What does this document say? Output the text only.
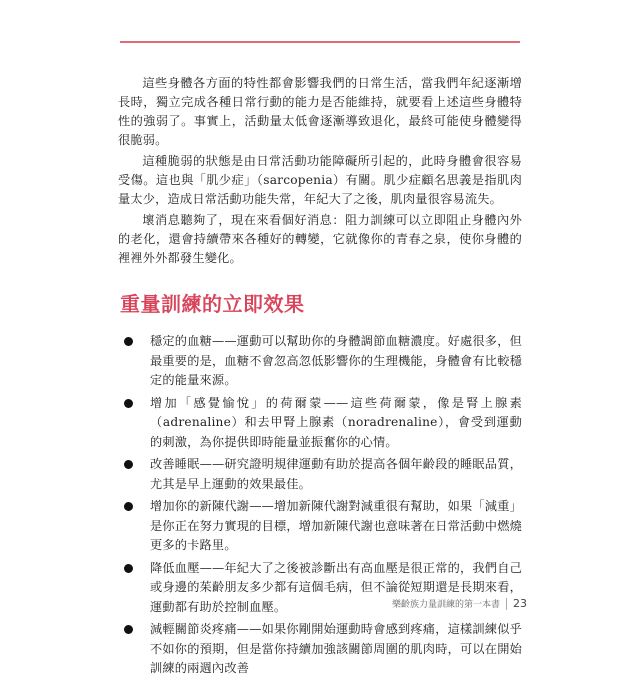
這些身體各方面的特性都會影響我們的日常生活，當我們年紀逐漸增長時，獨立完成各種日常行動的能力是否能維持，就要看上述這些身體特性的強弱了。事實上，活動量太低會逐漸導致退化，最終可能使身體變得很脆弱。

這種脆弱的狀態是由日常活動功能障礙所引起的，此時身體會很容易受傷。這也與「肌少症」（sarcopenia）有關。肌少症顧名思義是指肌肉量太少，造成日常活動功能失常，年紀大了之後，肌肉量很容易流失。

壞消息聽夠了，現在來看個好消息：阻力訓練可以立即阻止身體內外的老化，還會持續帶來各種好的轉變，它就像你的青春之泉，使你身體的裡裡外外都發生變化。

重量訓練的立即效果
穩定的血糖——運動可以幫助你的身體調節血糖濃度。好處很多，但最重要的是，血糖不會忽高忽低影響你的生理機能，身體會有比較穩定的能量來源。
增加「感覺愉悅」的荷爾蒙——這些荷爾蒙，像是腎上腺素（adrenaline）和去甲腎上腺素（noradrenaline），會受到運動的刺激，為你提供即時能量並振奮你的心情。
改善睡眠——研究證明規律運動有助於提高各個年齡段的睡眠品質，尤其是早上運動的效果最佳。
增加你的新陳代謝——增加新陳代謝對減重很有幫助，如果「減重」是你正在努力實現的目標，增加新陳代謝也意味著在日常活動中燃燒更多的卡路里。
降低血壓——年紀大了之後被診斷出有高血壓是很正常的，我們自己或身邊的茱齡朋友多少都有這個毛病，但不論從短期還是長期來看，運動都有助於控制血壓。
減輕關節炎疼痛——如果你剛開始運動時會感到疼痛，這樣訓練似乎不如你的預期，但是當你持續加強該關節周圍的肌肉時，可以在開始訓練的兩週內改善
樂齡族力量訓練的第一本書 23
